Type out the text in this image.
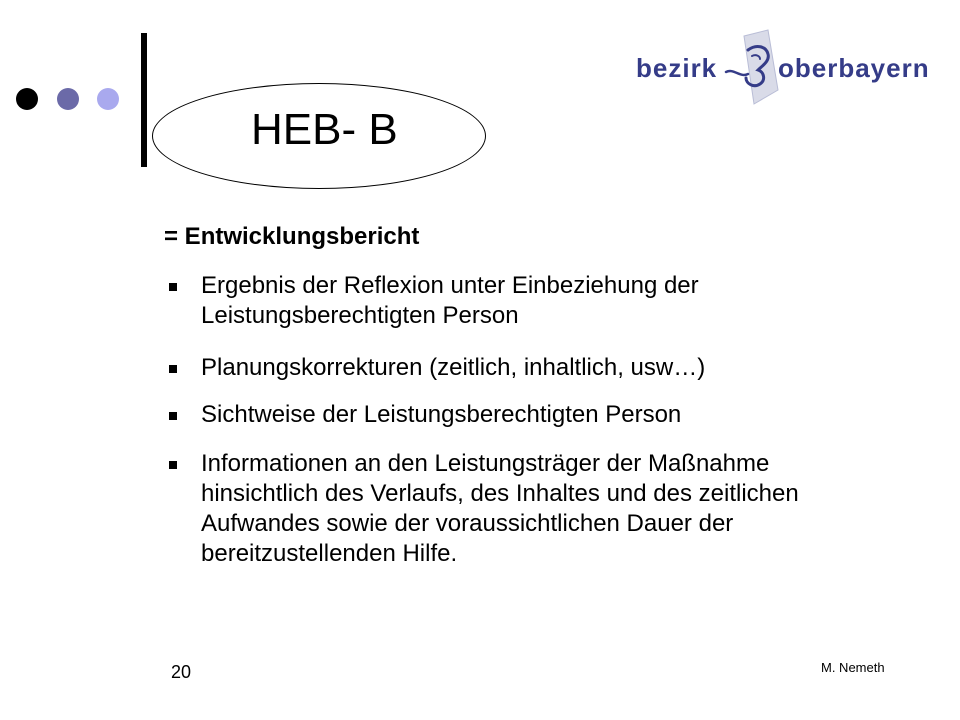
HEB- B
bezirk oberbayern
= Entwicklungsbericht
Ergebnis der Reflexion unter Einbeziehung der Leistungsberechtigten Person
Planungskorrekturen (zeitlich, inhaltlich, usw…)
Sichtweise der Leistungsberechtigten Person
Informationen an den Leistungsträger der Maßnahme hinsichtlich des Verlaufs, des Inhaltes und des zeitlichen Aufwandes sowie der voraussichtlichen Dauer der bereitzustellenden Hilfe.
20	M. Nemeth
